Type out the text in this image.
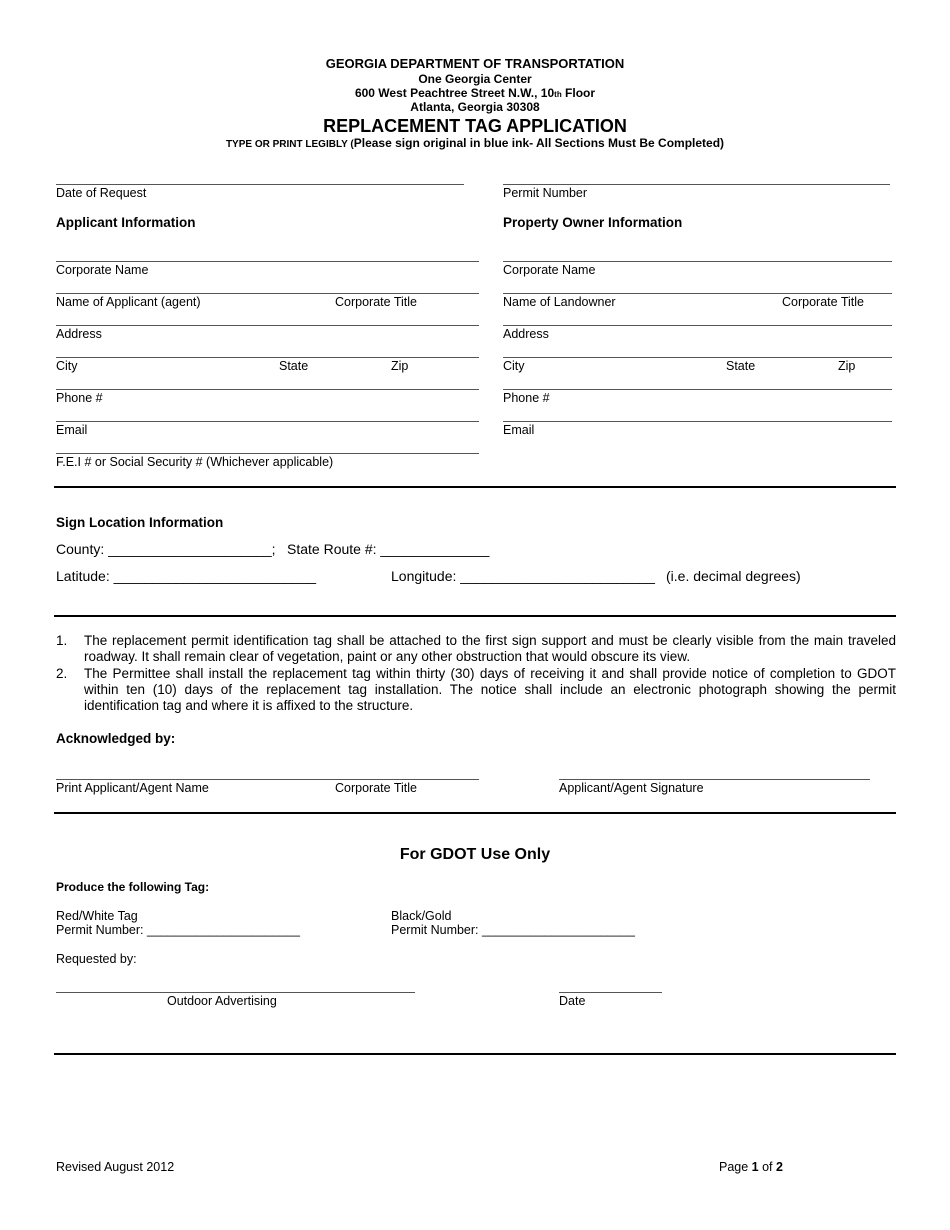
GEORGIA DEPARTMENT OF TRANSPORTATION
One Georgia Center
600 West Peachtree Street N.W., 10th Floor
Atlanta, Georgia 30308
REPLACEMENT TAG APPLICATION
TYPE OR PRINT LEGIBLY (Please sign original in blue ink- All Sections Must Be Completed)
Date of Request	Permit Number
Applicant Information
Corporate Name
Name of Applicant (agent)	Corporate Title
Address
City	State	Zip
Phone #
Email
F.E.I # or Social Security # (Whichever applicable)
Property Owner Information
Corporate Name
Name of Landowner	Corporate Title
Address
City	State	Zip
Phone #
Email
Sign Location Information
County: _____________________; State Route #: ______________
Latitude: __________________________	Longitude: _________________________ (i.e. decimal degrees)
1.	The replacement permit identification tag shall be attached to the first sign support and must be clearly visible from the main traveled roadway. It shall remain clear of vegetation, paint or any other obstruction that would obscure its view.
2.	The Permittee shall install the replacement tag within thirty (30) days of receiving it and shall provide notice of completion to GDOT within ten (10) days of the replacement tag installation. The notice shall include an electronic photograph showing the permit identification tag and where it is affixed to the structure.
Acknowledged by:
Print Applicant/Agent Name	Corporate Title	Applicant/Agent Signature
For GDOT Use Only
Produce the following Tag:
Red/White Tag
Permit Number: ______________________
Black/Gold
Permit Number: ______________________
Requested by:
Outdoor Advertising	Date
Revised August 2012	Page 1 of 2
